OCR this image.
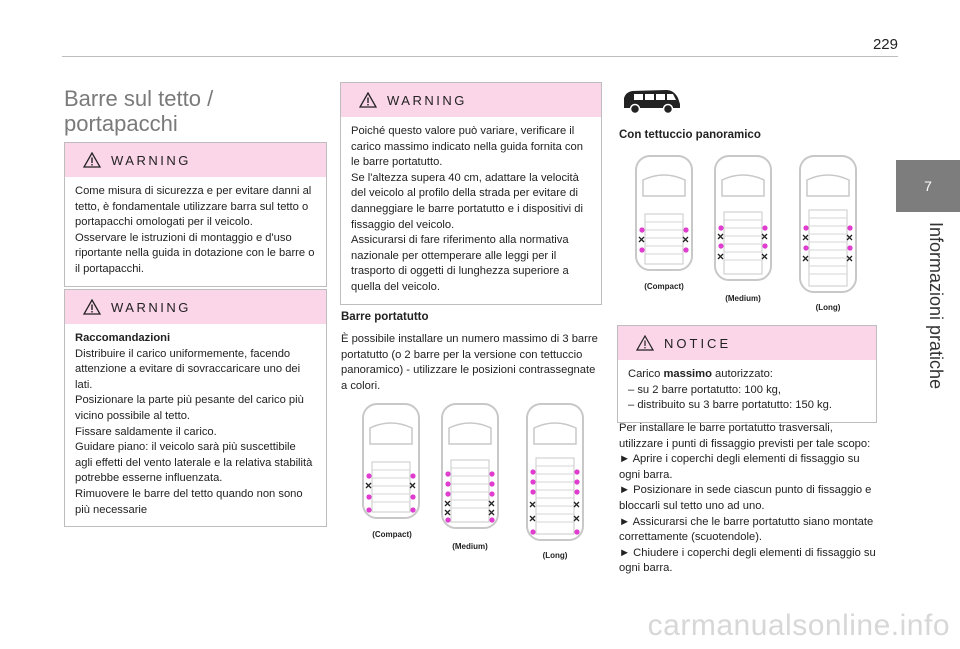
229
7
Informazioni pratiche
Barre sul tetto /
portapacchi
WARNING
Come misura di sicurezza e per evitare danni al tetto, è fondamentale utilizzare barra sul tetto o portapacchi omologati per il veicolo.
Osservare le istruzioni di montaggio e d'uso riportante nella guida in dotazione con le barre o il portapacchi.
WARNING
Raccomandazioni
Distribuire il carico uniformemente, facendo attenzione a evitare di sovraccaricare uno dei lati.
Posizionare la parte più pesante del carico più vicino possibile al tetto.
Fissare saldamente il carico.
Guidare piano: il veicolo sarà più suscettibile agli effetti del vento laterale e la relativa stabilità potrebbe esserne influenzata.
Rimuovere le barre del tetto quando non sono più necessarie
WARNING
Poiché questo valore può variare, verificare il carico massimo indicato nella guida fornita con le barre portatutto.
Se l'altezza supera 40 cm, adattare la velocità del veicolo al profilo della strada per evitare di danneggiare le barre portatutto e i dispositivi di fissaggio del veicolo.
Assicurarsi di fare riferimento alla normativa nazionale per ottemperare alle leggi per il trasporto di oggetti di lunghezza superiore a quella del veicolo.
Barre portatutto
È possibile installare un numero massimo di 3 barre portatutto (o 2 barre per la versione con tettuccio panoramico) - utilizzare le posizioni contrassegnate a colori.
(Compact)
(Medium)
(Long)
Con tettuccio panoramico
(Compact)
(Medium)
(Long)
NOTICE
Carico massimo autorizzato:
– su 2 barre portatutto: 100 kg,
– distribuito su 3 barre portatutto: 150 kg.
Per installare le barre portatutto trasversali, utilizzare i punti di fissaggio previsti per tale scopo:
► Aprire i coperchi degli elementi di fissaggio su ogni barra.
► Posizionare in sede ciascun punto di fissaggio e bloccarli sul tetto uno ad uno.
► Assicurarsi che le barre portatutto siano montate correttamente (scuotendole).
► Chiudere i coperchi degli elementi di fissaggio su ogni barra.
carmanualsonline.info
